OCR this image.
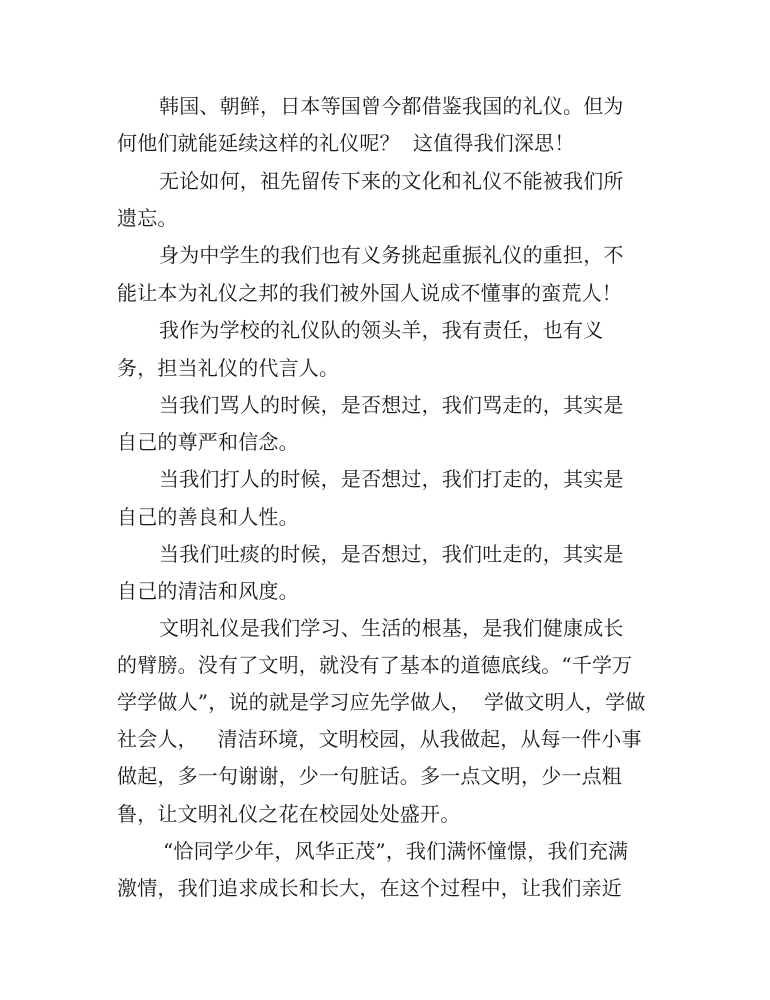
韩国、朝鲜，日本等国曾今都借鉴我国的礼仪。但为
何他们就能延续这样的礼仪呢？  这值得我们深思！
无论如何，祖先留传下来的文化和礼仪不能被我们所
遗忘。
身为中学生的我们也有义务挑起重振礼仪的重担，不
能让本为礼仪之邦的我们被外国人说成不懂事的蛮荒人！
我作为学校的礼仪队的领头羊，我有责任，也有义
务，担当礼仪的代言人。
当我们骂人的时候，是否想过，我们骂走的，其实是
自己的尊严和信念。
当我们打人的时候，是否想过，我们打走的，其实是
自己的善良和人性。
当我们吐痰的时候，是否想过，我们吐走的，其实是
自己的清洁和风度。
文明礼仪是我们学习、生活的根基，是我们健康成长
的臂膀。没有了文明，就没有了基本的道德底线。“千学万
学学做人”，说的就是学习应先学做人，  学做文明人，学做
社会人，   清洁环境，文明校园，从我做起，从每一件小事
做起，多一句谢谢，少一句脏话。多一点文明，少一点粗
鲁，让文明礼仪之花在校园处处盛开。
“恰同学少年，风华正茂”，我们满怀憧憬，我们充满
激情，我们追求成长和长大，在这个过程中，让我们亲近
